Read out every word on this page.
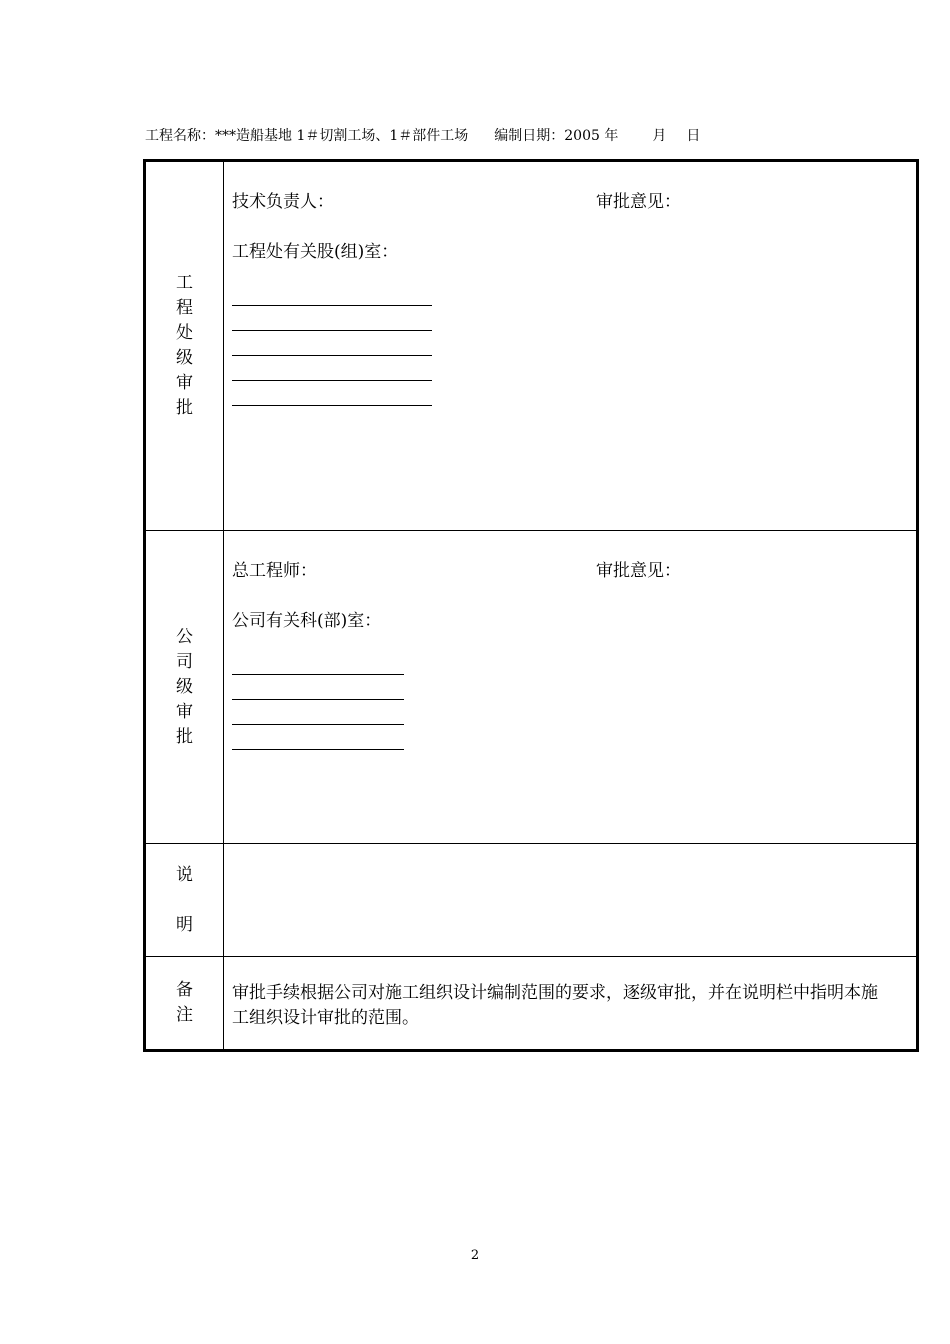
工程名称：***造船基地 1＃切割工场、1＃部件工场 编制日期：2005 年 月 日
工程处级审批	技术负责人： 审批意见：
工程处有关股(组)室：

公司级审批	总工程师： 审批意见：
公司有关科(部)室：

说明	
备注	审批手续根据公司对施工组织设计编制范围的要求，逐级审批，并在说明栏中指明本施工组织设计审批的范围。
2
